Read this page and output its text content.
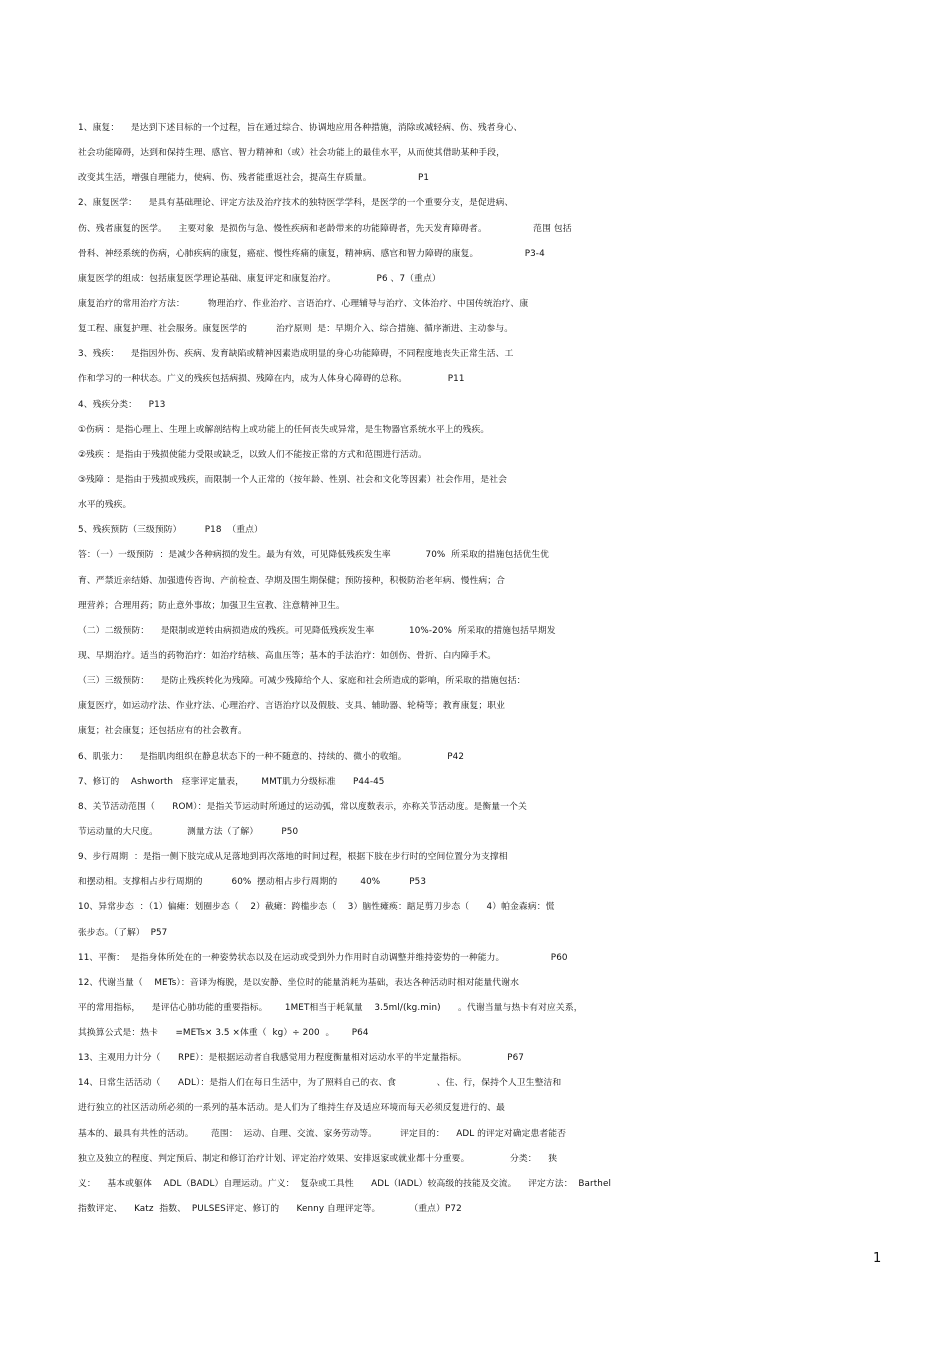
1、康复：    是达到下述目标的一个过程，旨在通过综合、协调地应用各种措施，消除或减轻病、伤、残者身心、
社会功能障碍，达到和保持生理、感官、智力精神和（或）社会功能上的最佳水平，从而使其借助某种手段，
改变其生活，增强自理能力，使病、伤、残者能重返社会，提高生存质量。                P1
2、康复医学：    是具有基础理论、评定方法及治疗技术的独特医学学科，是医学的一个重要分支，是促进病、
伤、残者康复的医学。    主要对象  是损伤与急、慢性疾病和老龄带来的功能障碍者，先天发育障碍者。                范围 包括
骨科、神经系统的伤病，心肺疾病的康复，癌症、慢性疼痛的康复，精神病、感官和智力障碍的康复。                P3-4
康复医学的组成：包括康复医学理论基础、康复评定和康复治疗。              P6 、7（重点）
康复治疗的常用治疗方法：        物理治疗、作业治疗、言语治疗、心理辅导与治疗、文体治疗、中国传统治疗、康
复工程、康复护理、社会服务。康复医学的          治疗原则  是：早期介入、综合措施、循序渐进、主动参与。
3、残疾：    是指因外伤、疾病、发育缺陷或精神因素造成明显的身心功能障碍，不同程度地丧失正常生活、工
作和学习的一种状态。广义的残疾包括病损、残障在内，成为人体身心障碍的总称。              P11
4、残疾分类：    P13
①伤病 ：是指心理上、生理上或解剖结构上或功能上的任何丧失或异常，是生物器官系统水平上的残疾。
②残疾 ：是指由于残损使能力受限或缺乏，以致人们不能按正常的方式和范围进行活动。
③残障 ：是指由于残损或残疾，而限制一个人正常的（按年龄、性别、社会和文化等因素）社会作用，是社会
水平的残疾。
5、残疾预防（三级预防）        P18  （重点）
答：（一）一级预防  ：是减少各种病损的发生。最为有效，可见降低残疾发生率            70%  所采取的措施包括优生优
育、严禁近亲结婚、加强遗传咨询、产前检查、孕期及围生期保健；预防接种，积极防治老年病、慢性病；合
理营养；合理用药；防止意外事故；加强卫生宣教、注意精神卫生。
（二）二级预防：    是限制或逆转由病损造成的残疾。可见降低残疾发生率            10%-20%  所采取的措施包括早期发
现、早期治疗。适当的药物治疗：如治疗结核、高血压等；基本的手法治疗：如创伤、骨折、白内障手术。
（三）三级预防：    是防止残疾转化为残障。可减少残障给个人、家庭和社会所造成的影响，所采取的措施包括：
康复医疗，如运动疗法、作业疗法、心理治疗、言语治疗以及假肢、支具、辅助器、轮椅等；教育康复；职业
康复；社会康复；还包括应有的社会教育。
6、肌张力：    是指肌肉组织在静息状态下的一种不随意的、持续的、微小的收缩。              P42
7、修订的    Ashworth   痉挛评定量表，      MMT肌力分级标准      P44-45
8、关节活动范围（      ROM）：是指关节运动时所通过的运动弧，常以度数表示，亦称关节活动度。是衡量一个关
节运动量的大尺度。          测量方法（了解）        P50
9、步行周期  ：是指一侧下肢完成从足落地到再次落地的时间过程，根据下肢在步行时的空间位置分为支撑相
和摆动相。支撑相占步行周期的          60%  摆动相占步行周期的        40%          P53
10、异常步态  ：（1）偏瘫：划圈步态（    2）截瘫：跨槛步态（    3）脑性瘫痪：踮足剪刀步态（      4）帕金森病：慌
张步态。（了解）  P57
11、平衡：  是指身体所处在的一种姿势状态以及在运动或受到外力作用时自动调整并维持姿势的一种能力。                P60
12、代谢当量（    METs）：音译为梅脱，是以安静、坐位时的能量消耗为基础，表达各种活动时相对能量代谢水
平的常用指标，    是评估心肺功能的重要指标。      1MET相当于耗氧量    3.5ml/(kg.min)      。代谢当量与热卡有对应关系，
其换算公式是：热卡      =METs× 3.5 ×体重（  kg）÷ 200  。      P64
13、主观用力计分（      RPE）：是根据运动者自我感觉用力程度衡量相对运动水平的半定量指标。              P67
14、日常生活活动（      ADL）：是指人们在每日生活中，为了照料自己的衣、食              、住、行，保持个人卫生整洁和
进行独立的社区活动所必须的一系列的基本活动。是人们为了维持生存及适应环境而每天必须反复进行的、最
基本的、最具有共性的活动。      范围：  运动、自理、交流、家务劳动等。        评定目的：    ADL 的评定对确定患者能否
独立及独立的程度、判定预后、制定和修订治疗计划、评定治疗效果、安排返家或就业都十分重要。              分类：    狭
义：    基本或躯体    ADL（BADL）自理运动。广义：  复杂或工具性      ADL（IADL）较高级的技能及交流。    评定方法：  Barthel
指数评定、    Katz  指数、  PULSES评定、修订的      Kenny 自理评定等。          （重点）P72
1
